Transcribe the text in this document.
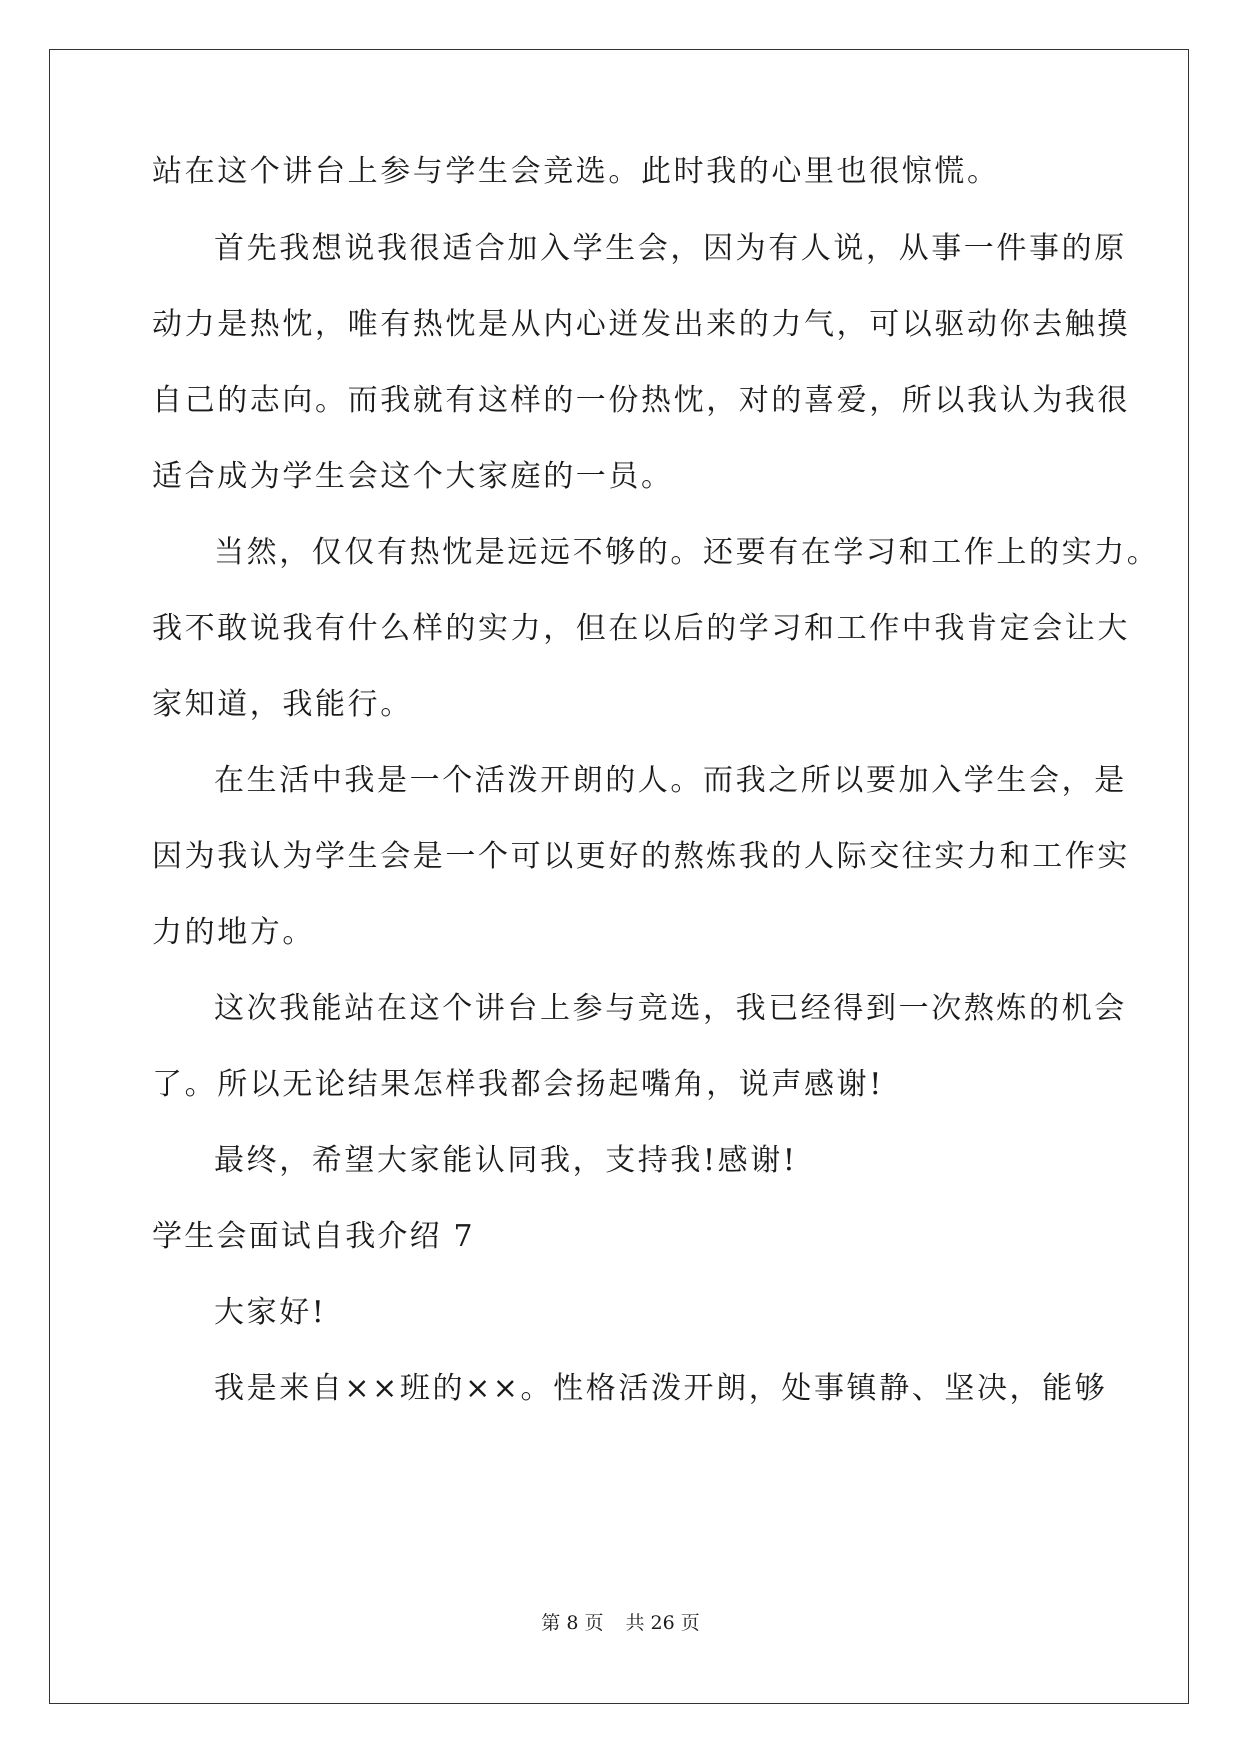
站在这个讲台上参与学生会竞选。此时我的心里也很惊慌。
首先我想说我很适合加入学生会，因为有人说，从事一件事的原
动力是热忱，唯有热忱是从内心迸发出来的力气，可以驱动你去触摸
自己的志向。而我就有这样的一份热忱，对的喜爱，所以我认为我很
适合成为学生会这个大家庭的一员。
当然，仅仅有热忱是远远不够的。还要有在学习和工作上的实力。
我不敢说我有什么样的实力，但在以后的学习和工作中我肯定会让大
家知道，我能行。
在生活中我是一个活泼开朗的人。而我之所以要加入学生会，是
因为我认为学生会是一个可以更好的熬炼我的人际交往实力和工作实
力的地方。
这次我能站在这个讲台上参与竞选，我已经得到一次熬炼的机会
了。所以无论结果怎样我都会扬起嘴角，说声感谢!
最终，希望大家能认同我，支持我!感谢!
学生会面试自我介绍 7
大家好!
我是来自××班的××。性格活泼开朗，处事镇静、坚决，能够
第 8 页 共 26 页
